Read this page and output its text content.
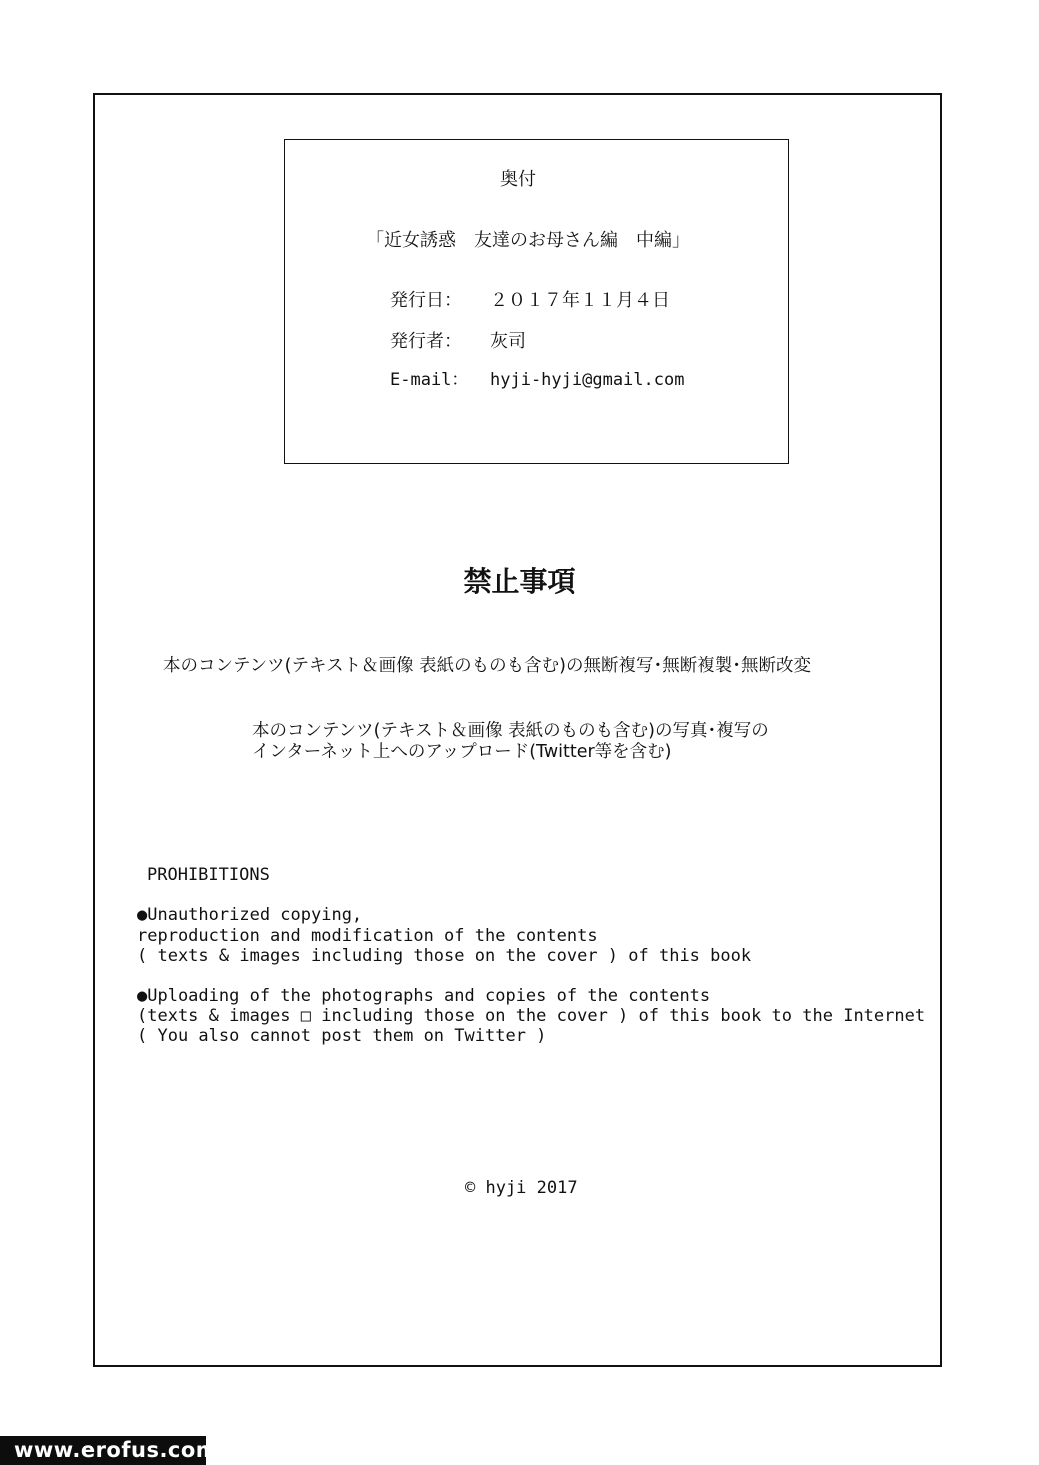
奥付
「近女誘惑　友達のお母さん編　中編」
発行日： ２０１７年１１月４日
発行者： 灰司
E-mail： hyji-hyji@gmail.com
禁止事項
本のコンテンツ(テキスト＆画像 表紙のものも含む)の無断複写･無断複製･無断改変
本のコンテンツ(テキスト＆画像 表紙のものも含む)の写真･複写の
インターネット上へのアップロード(Twitter等を含む)
PROHIBITIONS
●Unauthorized copying,
reproduction and modification of the contents
( texts & images including those on the cover ) of this book
●Uploading of the photographs and copies of the contents
(texts & images □ including those on the cover ) of this book to the Internet
( You also cannot post them on Twitter )
© hyji 2017
www.erofus.com
